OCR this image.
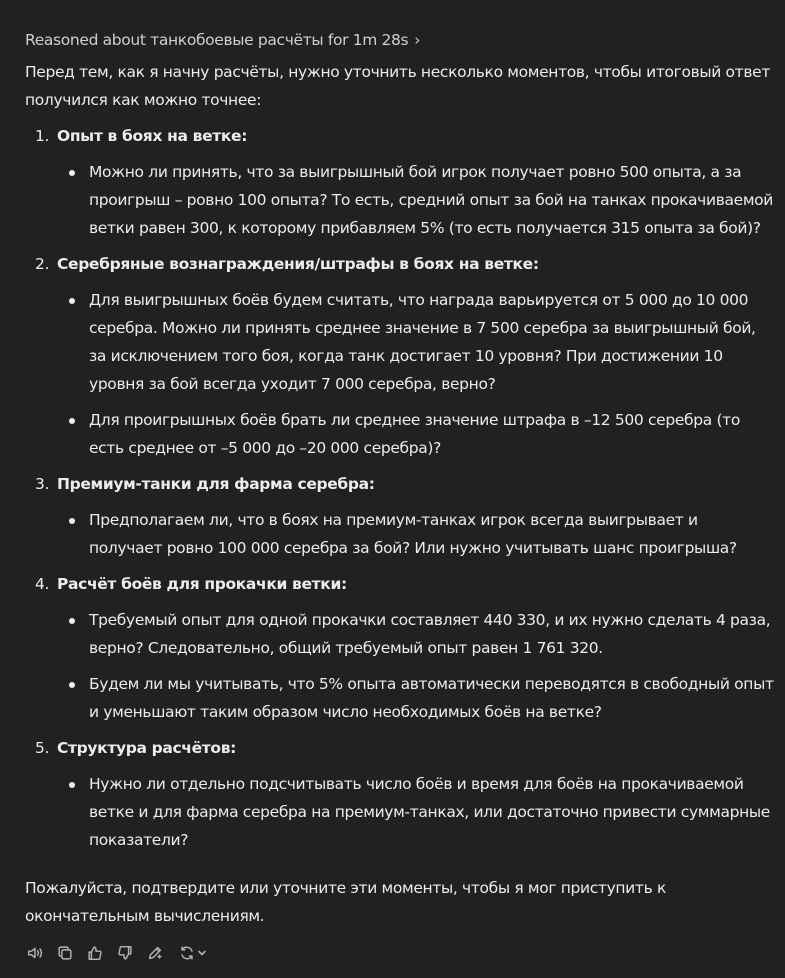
Reasoned about танкобоевые расчёты for 1m 28s ›

Перед тем, как я начну расчёты, нужно уточнить несколько моментов, чтобы итоговый ответ получился как можно точнее:

1. Опыт в боях на ветке:
Можно ли принять, что за выигрышный бой игрок получает ровно 500 опыта, а за проигрыш – ровно 100 опыта? То есть, средний опыт за бой на танках прокачиваемой ветки равен 300, к которому прибавляем 5% (то есть получается 315 опыта за бой)?
2. Серебряные вознаграждения/штрафы в боях на ветке:
Для выигрышных боёв будем считать, что награда варьируется от 5 000 до 10 000 серебра. Можно ли принять среднее значение в 7 500 серебра за выигрышный бой, за исключением того боя, когда танк достигает 10 уровня? При достижении 10 уровня за бой всегда уходит 7 000 серебра, верно?
Для проигрышных боёв брать ли среднее значение штрафа в –12 500 серебра (то есть среднее от –5 000 до –20 000 серебра)?
3. Премиум-танки для фарма серебра:
Предполагаем ли, что в боях на премиум-танках игрок всегда выигрывает и получает ровно 100 000 серебра за бой? Или нужно учитывать шанс проигрыша?
4. Расчёт боёв для прокачки ветки:
Требуемый опыт для одной прокачки составляет 440 330, и их нужно сделать 4 раза, верно? Следовательно, общий требуемый опыт равен 1 761 320.
Будем ли мы учитывать, что 5% опыта автоматически переводятся в свободный опыт и уменьшают таким образом число необходимых боёв на ветке?
5. Структура расчётов:
Нужно ли отдельно подсчитывать число боёв и время для боёв на прокачиваемой ветке и для фарма серебра на премиум-танках, или достаточно привести суммарные показатели?

Пожалуйста, подтвердите или уточните эти моменты, чтобы я мог приступить к окончательным вычислениям.
